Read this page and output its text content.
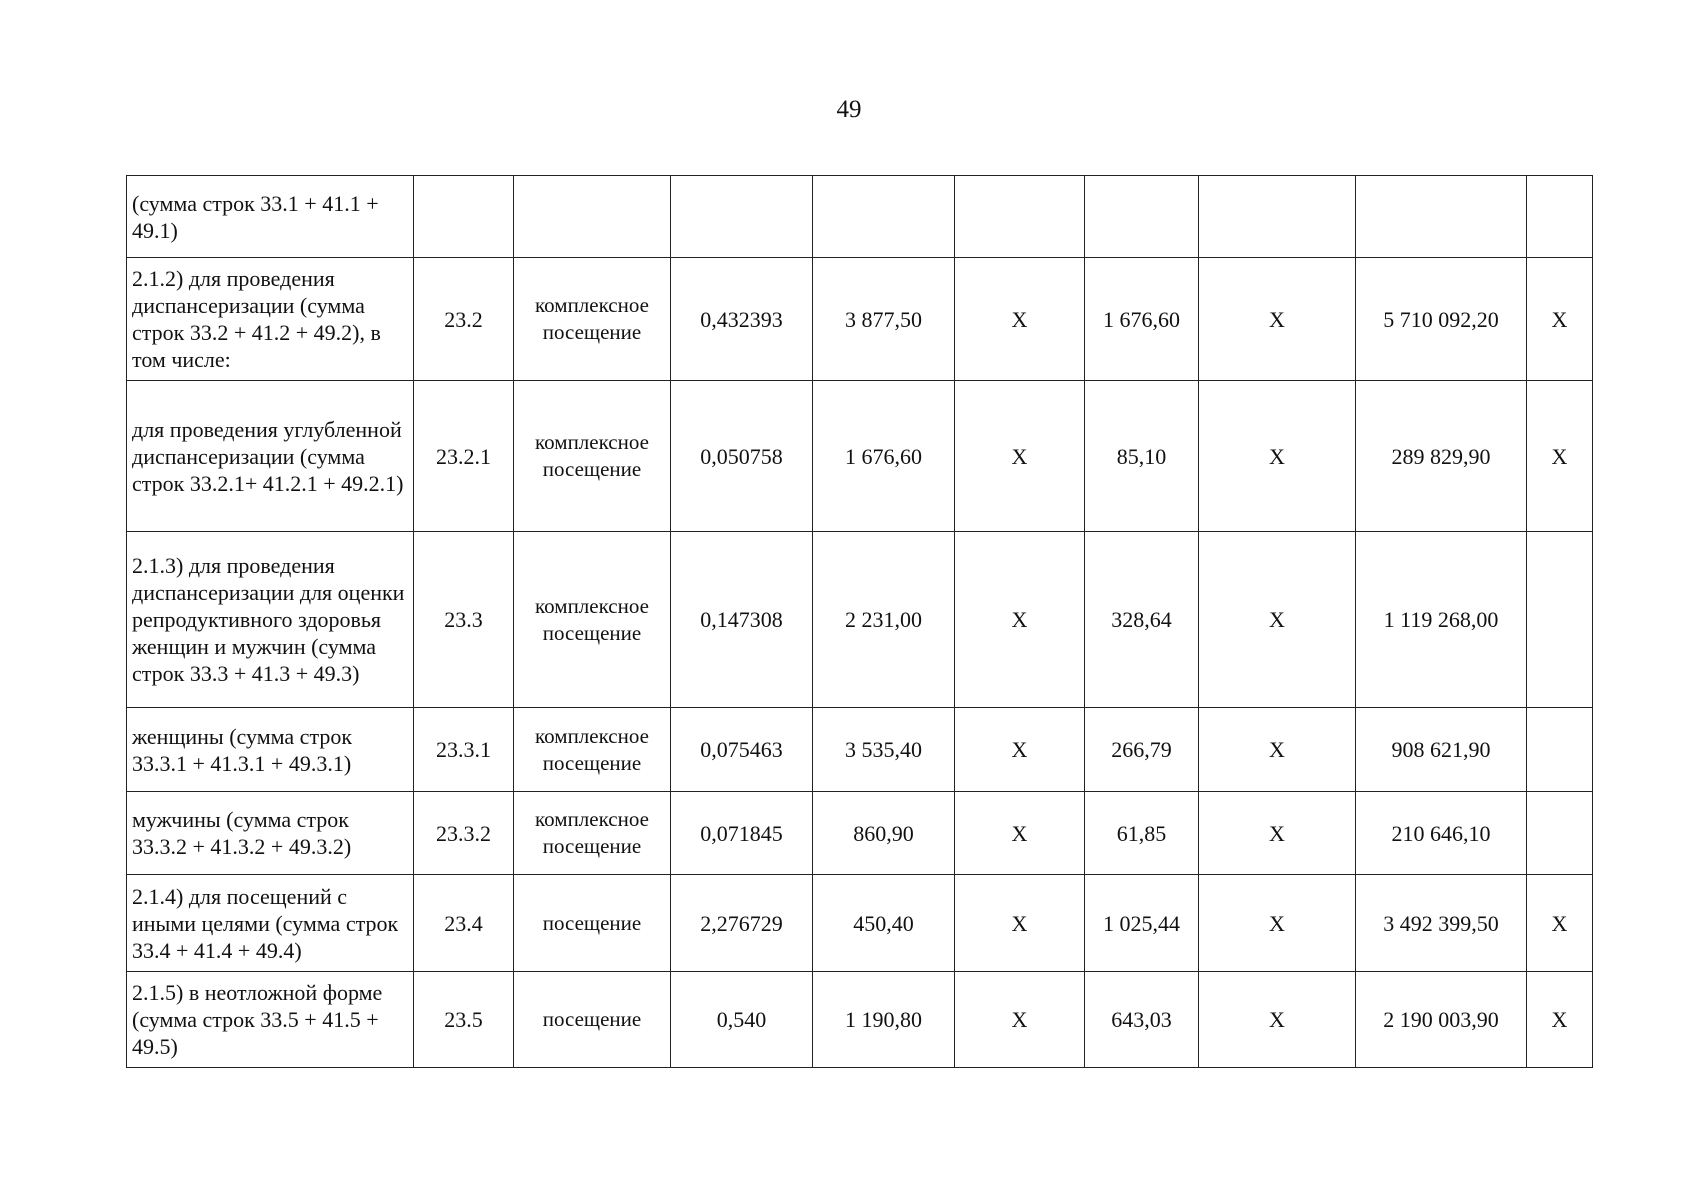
49
(сумма строк 33.1 + 41.1 + 49.1)									
2.1.2) для проведения диспансеризации (сумма строк 33.2 + 41.2 + 49.2), в том числе:	23.2	комплексное посещение	0,432393	3 877,50	X	1 676,60	X	5 710 092,20	X
для проведения углубленной диспансеризации (сумма строк 33.2.1+ 41.2.1 + 49.2.1)	23.2.1	комплексное посещение	0,050758	1 676,60	X	85,10	X	289 829,90	X
2.1.3) для проведения диспансеризации для оценки репродуктивного здоровья женщин и мужчин (сумма строк 33.3 + 41.3 + 49.3)	23.3	комплексное посещение	0,147308	2 231,00	X	328,64	X	1 119 268,00	
женщины (сумма строк 33.3.1 + 41.3.1 + 49.3.1)	23.3.1	комплексное посещение	0,075463	3 535,40	X	266,79	X	908 621,90	
мужчины (сумма строк 33.3.2 + 41.3.2 + 49.3.2)	23.3.2	комплексное посещение	0,071845	860,90	X	61,85	X	210 646,10	
2.1.4) для посещений с иными целями (сумма строк 33.4 + 41.4 + 49.4)	23.4	посещение	2,276729	450,40	X	1 025,44	X	3 492 399,50	X
2.1.5) в неотложной форме (сумма строк 33.5 + 41.5 + 49.5)	23.5	посещение	0,540	1 190,80	X	643,03	X	2 190 003,90	X
